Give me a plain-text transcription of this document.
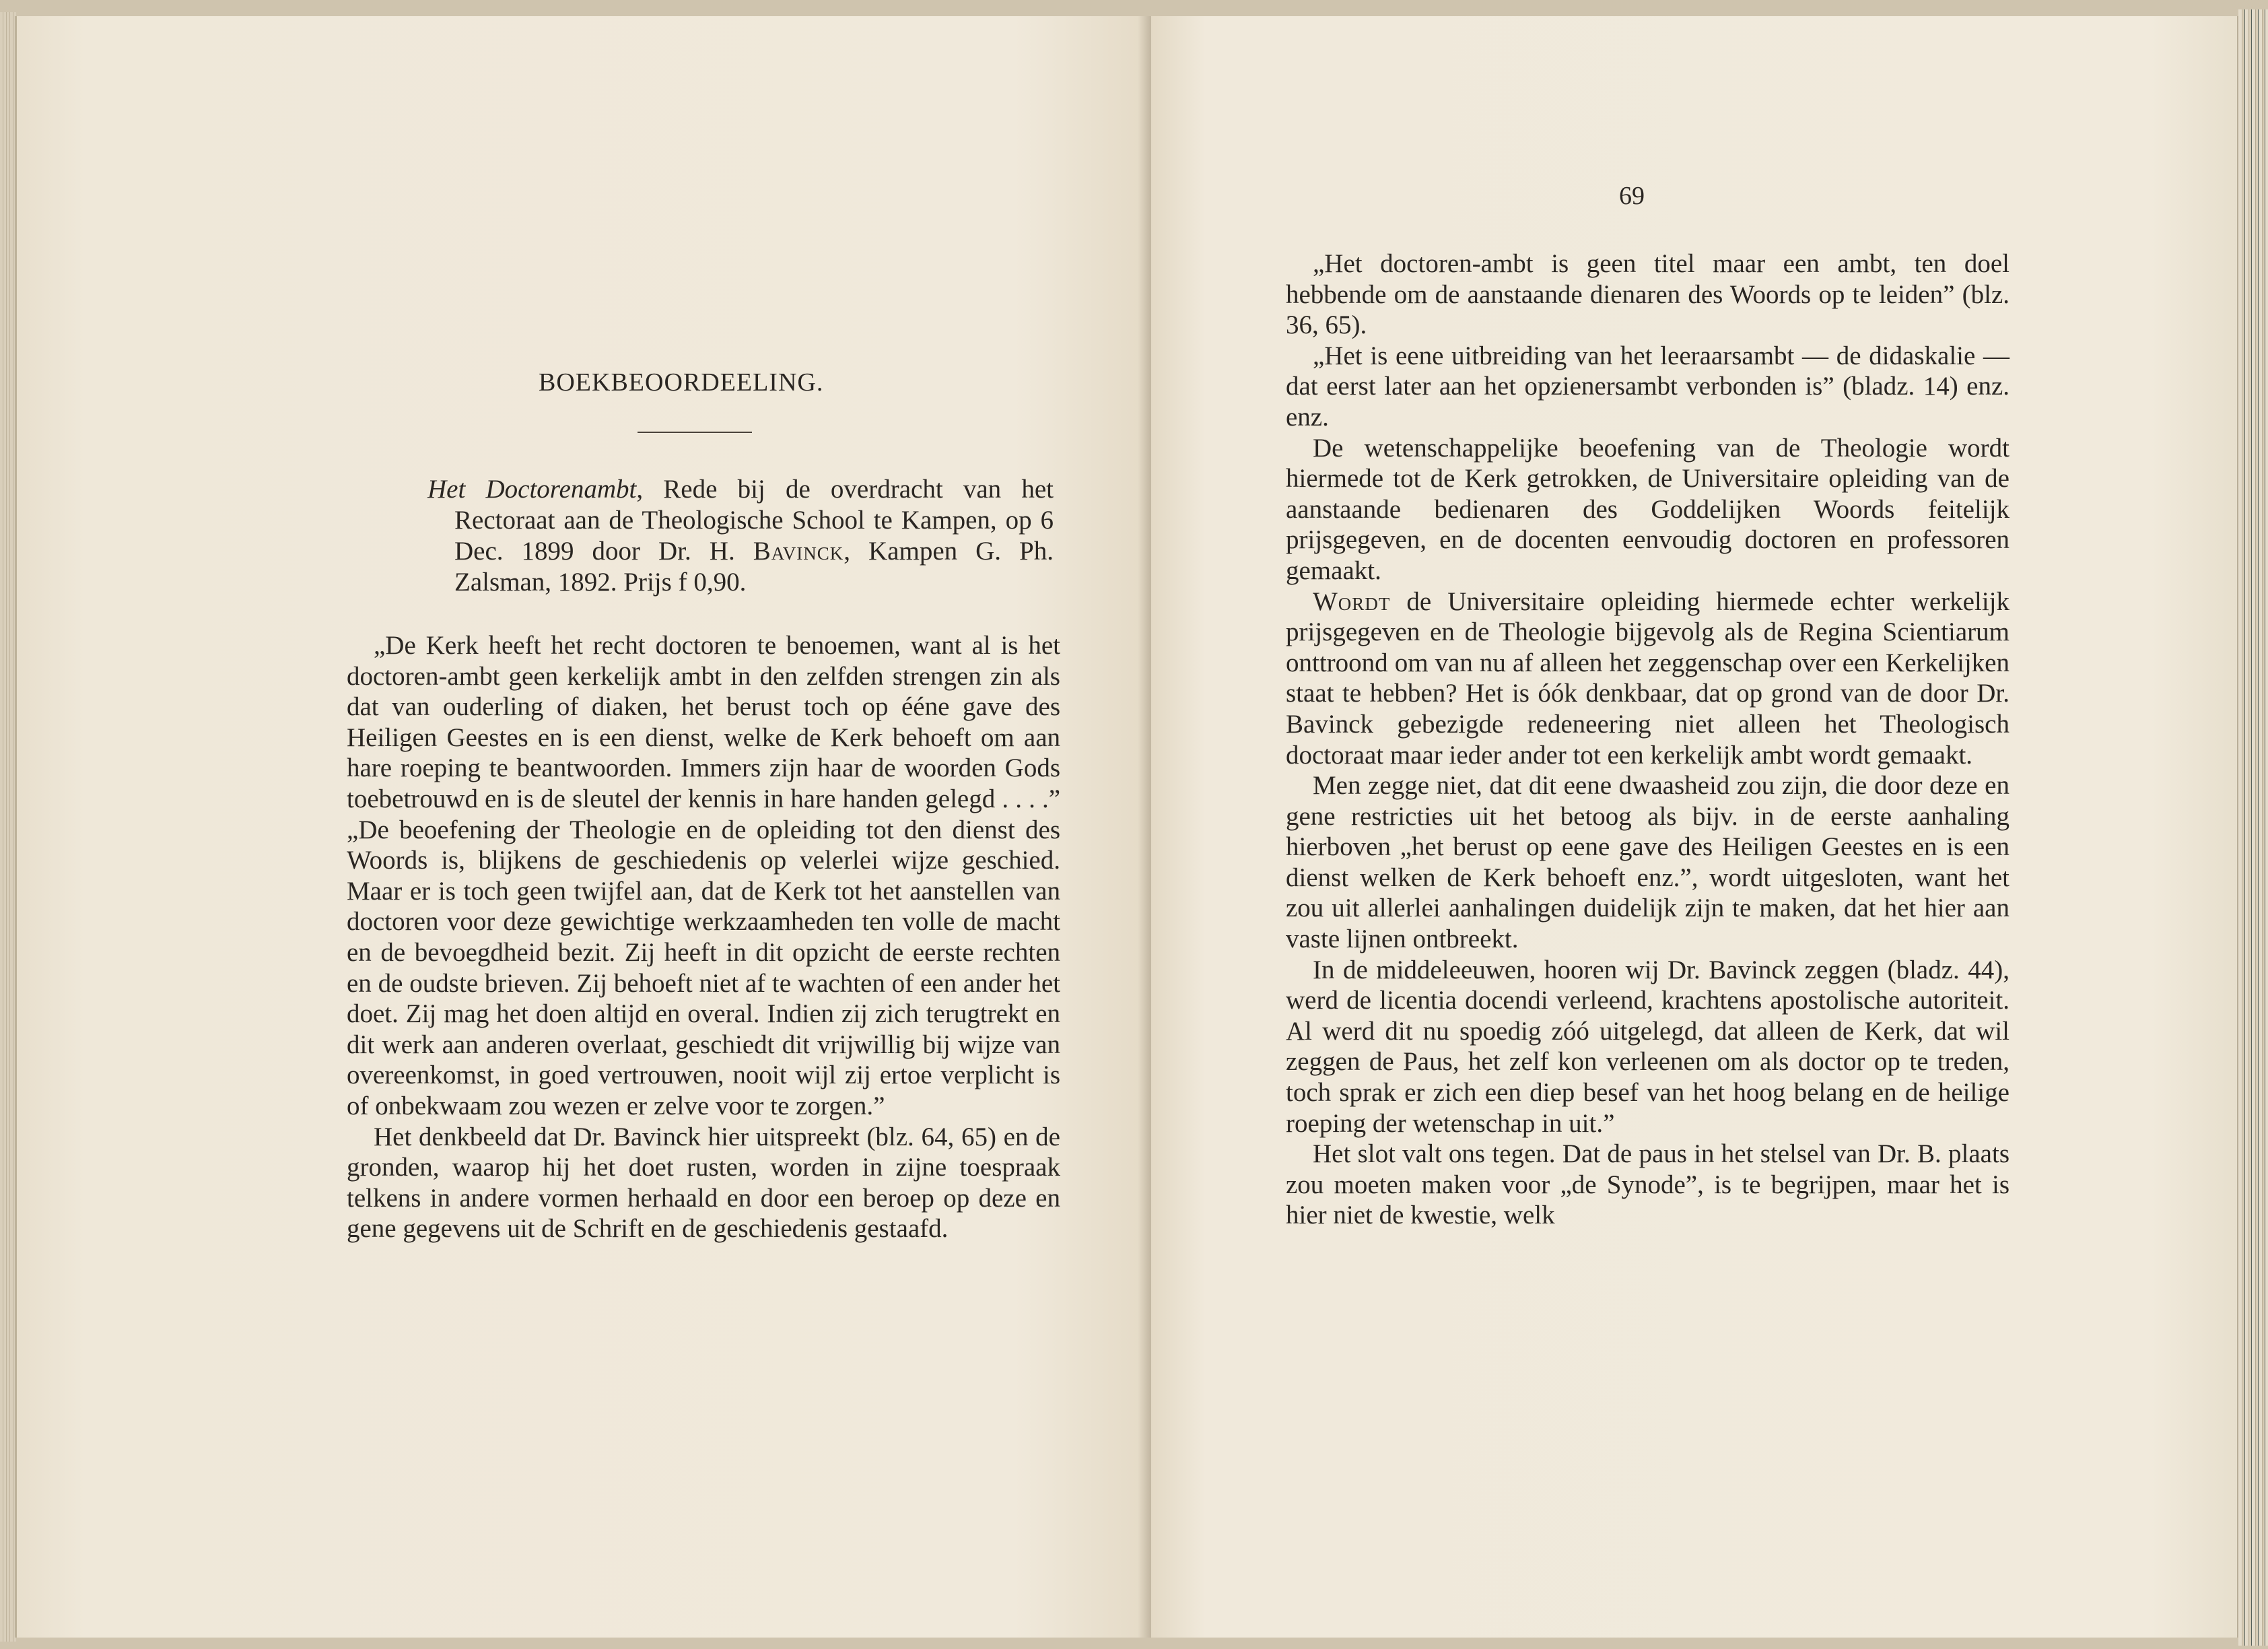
BOEKBEOORDEELING.

Het Doctorenambt, Rede bij de overdracht van het Rectoraat aan de Theologische School te Kampen, op 6 Dec. 1899 door Dr. H. Bavinck, Kampen G. Ph. Zalsman, 1892. Prijs f 0,90.

„De Kerk heeft het recht doctoren te benoemen, want al is het doctoren-ambt geen kerkelijk ambt in den zelfden strengen zin als dat van ouderling of diaken, het berust toch op ééne gave des Heiligen Geestes en is een dienst, welke de Kerk behoeft om aan hare roeping te beantwoorden. Immers zijn haar de woorden Gods toebetrouwd en is de sleutel der kennis in hare handen gelegd . . . .” „De beoefening der Theologie en de opleiding tot den dienst des Woords is, blijkens de geschiedenis op velerlei wijze geschied. Maar er is toch geen twijfel aan, dat de Kerk tot het aanstellen van doctoren voor deze gewichtige werkzaamheden ten volle de macht en de bevoegdheid bezit. Zij heeft in dit opzicht de eerste rechten en de oudste brieven. Zij behoeft niet af te wachten of een ander het doet. Zij mag het doen altijd en overal. Indien zij zich terugtrekt en dit werk aan anderen overlaat, geschiedt dit vrijwillig bij wijze van overeenkomst, in goed vertrouwen, nooit wijl zij ertoe verplicht is of onbekwaam zou wezen er zelve voor te zorgen.”

Het denkbeeld dat Dr. Bavinck hier uitspreekt (blz. 64, 65) en de gronden, waarop hij het doet rusten, worden in zijne toespraak telkens in andere vormen herhaald en door een beroep op deze en gene gegevens uit de Schrift en de geschiedenis gestaafd.

69

„Het doctoren-ambt is geen titel maar een ambt, ten doel hebbende om de aanstaande dienaren des Woords op te leiden” (blz. 36, 65).

„Het is eene uitbreiding van het leeraarsambt — de didaskalie — dat eerst later aan het opzienersambt verbonden is” (bladz. 14) enz. enz.

De wetenschappelijke beoefening van de Theologie wordt hiermede tot de Kerk getrokken, de Universitaire opleiding van de aanstaande bedienaren des Goddelijken Woords feitelijk prijsgegeven, en de docenten eenvoudig doctoren en professoren gemaakt.

Wordt de Universitaire opleiding hiermede echter werkelijk prijsgegeven en de Theologie bijgevolg als de Regina Scientiarum onttroond om van nu af alleen het zeggenschap over een Kerkelijken staat te hebben? Het is óók denkbaar, dat op grond van de door Dr. Bavinck gebezigde redeneering niet alleen het Theologisch doctoraat maar ieder ander tot een kerkelijk ambt wordt gemaakt.

Men zegge niet, dat dit eene dwaasheid zou zijn, die door deze en gene restricties uit het betoog als bijv. in de eerste aanhaling hierboven „het berust op eene gave des Heiligen Geestes en is een dienst welken de Kerk behoeft enz.”, wordt uitgesloten, want het zou uit allerlei aanhalingen duidelijk zijn te maken, dat het hier aan vaste lijnen ontbreekt.

In de middeleeuwen, hooren wij Dr. Bavinck zeggen (bladz. 44), werd de licentia docendi verleend, krachtens apostolische autoriteit. Al werd dit nu spoedig zóó uitgelegd, dat alleen de Kerk, dat wil zeggen de Paus, het zelf kon verleenen om als doctor op te treden, toch sprak er zich een diep besef van het hoog belang en de heilige roeping der wetenschap in uit.”

Het slot valt ons tegen. Dat de paus in het stelsel van Dr. B. plaats zou moeten maken voor „de Synode”, is te begrijpen, maar het is hier niet de kwestie, welk
